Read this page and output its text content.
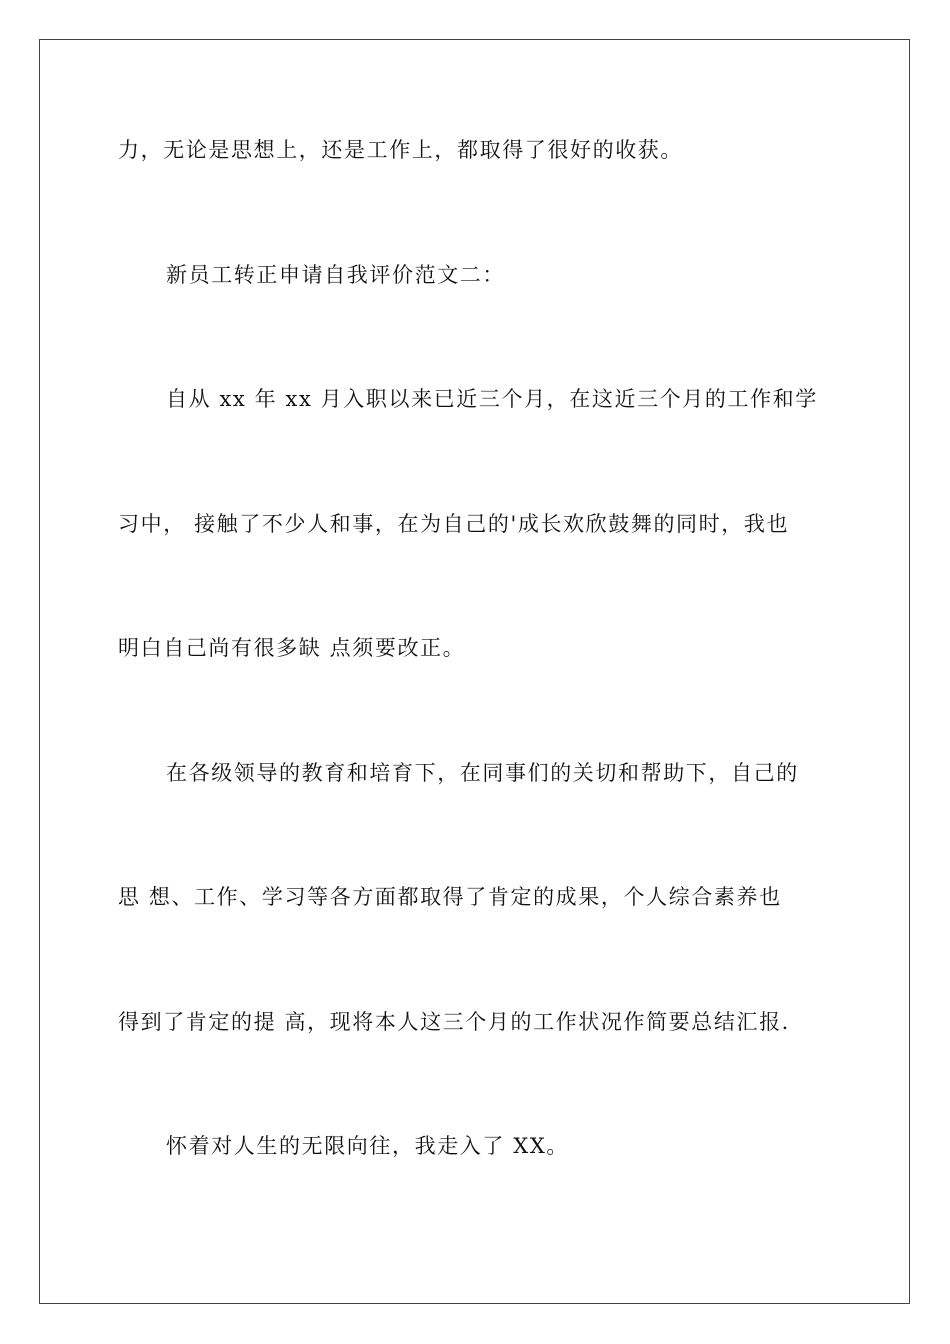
力，无论是思想上，还是工作上，都取得了很好的收获。
新员工转正申请自我评价范文二：
自从 xx 年 xx 月入职以来已近三个月，在这近三个月的工作和学
习中， 接触了不少人和事，在为自己的'成长欢欣鼓舞的同时，我也
明白自己尚有很多缺 点须要改正。
在各级领导的教育和培育下，在同事们的关切和帮助下，自己的
思 想、工作、学习等各方面都取得了肯定的成果，个人综合素养也
得到了肯定的提 高，现将本人这三个月的工作状况作简要总结汇报.
怀着对人生的无限向往，我走入了 XX。
